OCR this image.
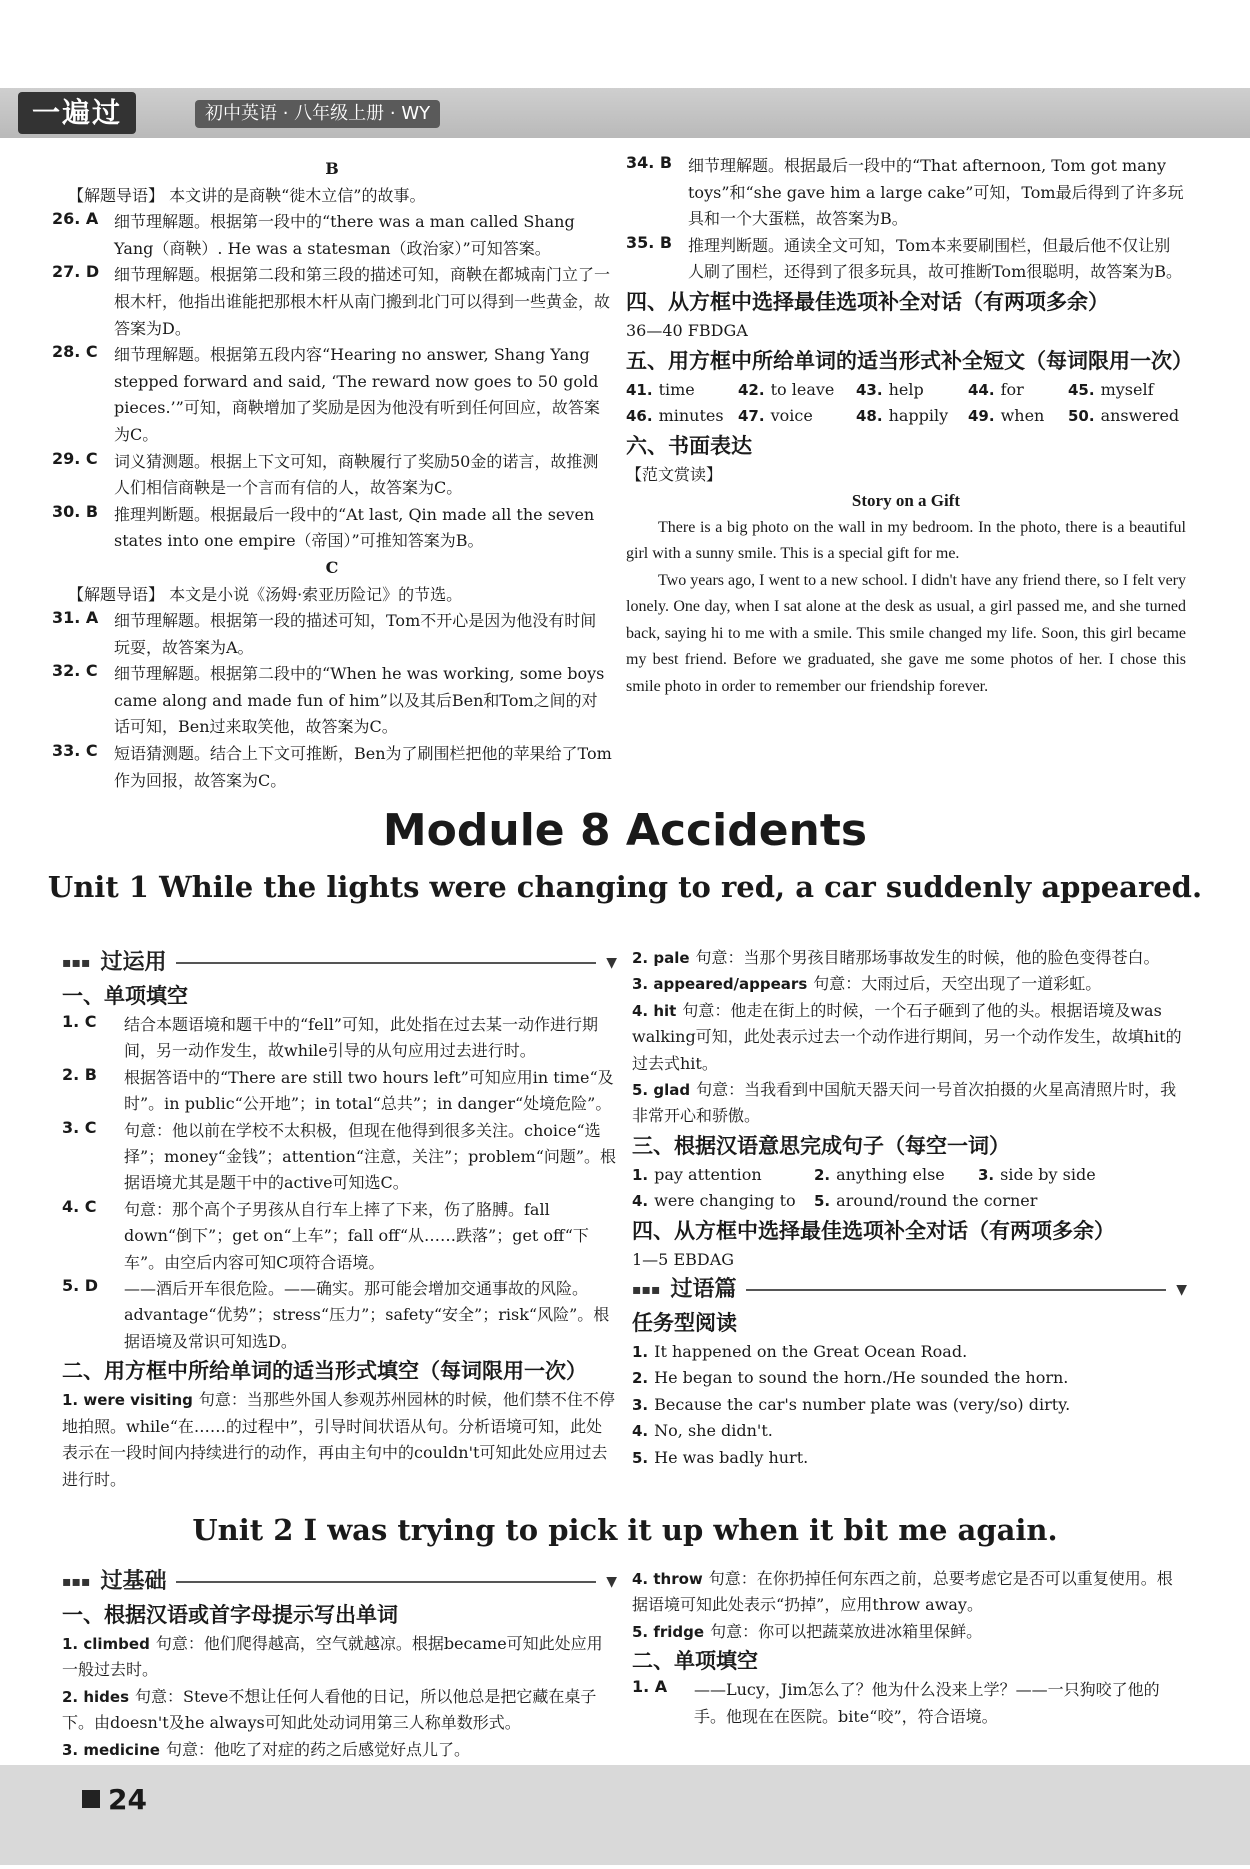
一遍过	初中英语 · 八年级上册 · WY
B
【解题导语】 本文讲的是商鞅“徙木立信”的故事。
26. A 细节理解题。根据第一段中的“there was a man called Shang Yang（商鞅）. He was a statesman（政治家）”可知答案。
27. D 细节理解题。根据第二段和第三段的描述可知，商鞅在都城南门立了一根木杆，他指出谁能把那根木杆从南门搬到北门可以得到一些黄金，故答案为D。
28. C 细节理解题。根据第五段内容“Hearing no answer, Shang Yang stepped forward and said, ‘The reward now goes to 50 gold pieces.’”可知，商鞅增加了奖励是因为他没有听到任何回应，故答案为C。
29. C 词义猜测题。根据上下文可知，商鞅履行了奖励50金的诺言，故推测人们相信商鞅是一个言而有信的人，故答案为C。
30. B 推理判断题。根据最后一段中的“At last, Qin made all the seven states into one empire（帝国）”可推知答案为B。
C
【解题导语】 本文是小说《汤姆·索亚历险记》的节选。
31. A 细节理解题。根据第一段的描述可知，Tom不开心是因为他没有时间玩耍，故答案为A。
32. C 细节理解题。根据第二段中的“When he was working, some boys came along and made fun of him”以及其后Ben和Tom之间的对话可知，Ben过来取笑他，故答案为C。
33. C 短语猜测题。结合上下文可推断，Ben为了刷围栏把他的苹果给了Tom作为回报，故答案为C。
34. B 细节理解题。根据最后一段中的“That afternoon, Tom got many toys”和“she gave him a large cake”可知，Tom最后得到了许多玩具和一个大蛋糕，故答案为B。
35. B 推理判断题。通读全文可知，Tom本来要刷围栏，但最后他不仅让别人刷了围栏，还得到了很多玩具，故可推断Tom很聪明，故答案为B。
四、从方框中选择最佳选项补全对话（有两项多余）
36—40 FBDGA
五、用方框中所给单词的适当形式补全短文（每词限用一次）
41. time	42. to leave	43. help	44. for	45. myself
46. minutes 47. voice	48. happily	49. when	50. answered
六、书面表达
【范文赏读】
Story on a Gift
There is a big photo on the wall in my bedroom. In the photo, there is a beautiful girl with a sunny smile. This is a special gift for me.
Two years ago, I went to a new school. I didn't have any friend there, so I felt very lonely. One day, when I sat alone at the desk as usual, a girl passed me, and she turned back, saying hi to me with a smile. This smile changed my life. Soon, this girl became my best friend. Before we graduated, she gave me some photos of her. I chose this smile photo in order to remember our friendship forever.
Module 8 Accidents
Unit 1 While the lights were changing to red, a car suddenly appeared.
▪▪▪ 过运用	▼
一、单项填空
1. C 结合本题语境和题干中的“fell”可知，此处指在过去某一动作进行期间，另一动作发生，故while引导的从句应用过去进行时。
2. B 根据答语中的“There are still two hours left”可知应用in time“及时”。in public“公开地”；in total“总共”；in danger“处境危险”。
3. C 句意：他以前在学校不太积极，但现在他得到很多关注。choice“选择”；money“金钱”；attention“注意，关注”；problem“问题”。根据语境尤其是题干中的active可知选C。
4. C 句意：那个高个子男孩从自行车上摔了下来，伤了胳膊。fall down“倒下”；get on“上车”；fall off“从……跌落”；get off“下车”。由空后内容可知C项符合语境。
5. D ——酒后开车很危险。——确实。那可能会增加交通事故的风险。advantage“优势”；stress“压力”；safety“安全”；risk“风险”。根据语境及常识可知选D。
二、用方框中所给单词的适当形式填空（每词限用一次）
1. were visiting 句意：当那些外国人参观苏州园林的时候，他们禁不住不停地拍照。while“在……的过程中”，引导时间状语从句。分析语境可知，此处表示在一段时间内持续进行的动作，再由主句中的couldn't可知此处应用过去进行时。
2. pale 句意：当那个男孩目睹那场事故发生的时候，他的脸色变得苍白。
3. appeared/appears 句意：大雨过后，天空出现了一道彩虹。
4. hit 句意：他走在街上的时候，一个石子砸到了他的头。根据语境及was walking可知，此处表示过去一个动作进行期间，另一个动作发生，故填hit的过去式hit。
5. glad 句意：当我看到中国航天器天问一号首次拍摄的火星高清照片时，我非常开心和骄傲。
三、根据汉语意思完成句子（每空一词）
1. pay attention	2. anything else	3. side by side
4. were changing to	5. around/round the corner
四、从方框中选择最佳选项补全对话（有两项多余）
1—5 EBDAG
▪▪▪ 过语篇	▼
任务型阅读
1. It happened on the Great Ocean Road.
2. He began to sound the horn./He sounded the horn.
3. Because the car's number plate was (very/so) dirty.
4. No, she didn't.
5. He was badly hurt.
Unit 2 I was trying to pick it up when it bit me again.
▪▪▪ 过基础	▼
一、根据汉语或首字母提示写出单词
1. climbed 句意：他们爬得越高，空气就越凉。根据became可知此处应用一般过去时。
2. hides 句意：Steve不想让任何人看他的日记，所以他总是把它藏在桌子下。由doesn't及he always可知此处动词用第三人称单数形式。
3. medicine 句意：他吃了对症的药之后感觉好点儿了。
4. throw 句意：在你扔掉任何东西之前，总要考虑它是否可以重复使用。根据语境可知此处表示“扔掉”，应用throw away。
5. fridge 句意：你可以把蔬菜放进冰箱里保鲜。
二、单项填空
1. A ——Lucy，Jim怎么了？他为什么没来上学？——一只狗咬了他的手。他现在在医院。bite“咬”，符合语境。
24
